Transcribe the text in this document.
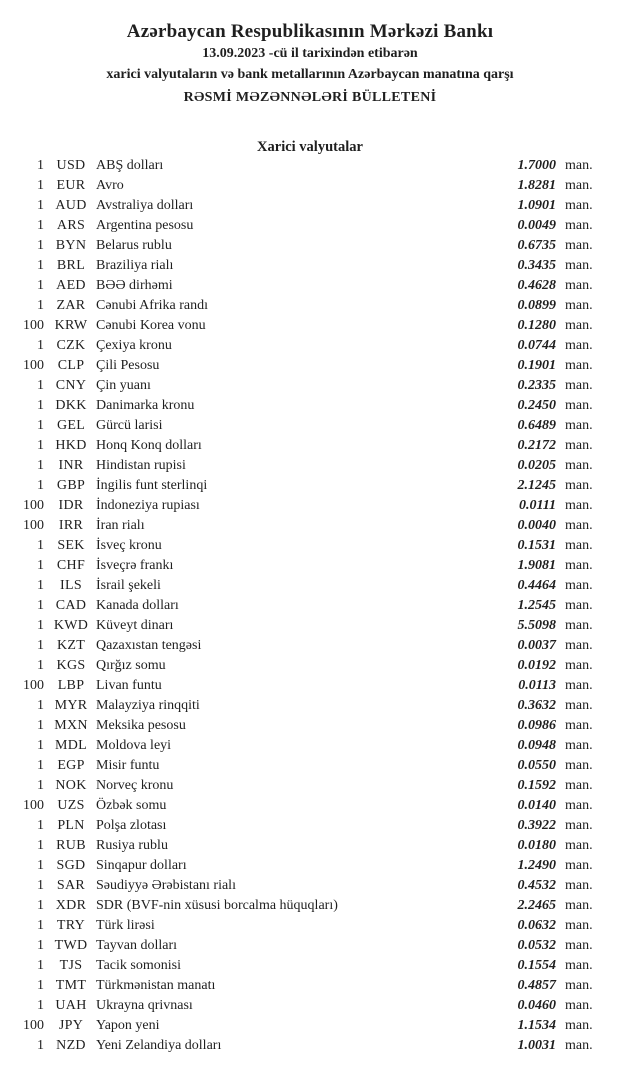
Azərbaycan Respublikasının Mərkəzi Bankı
13.09.2023 -cü il tarixindən etibarən
xarici valyutaların və bank metallarının Azərbaycan manatına qarşı
RƏSMİ MƏZƏNNƏLƏRİ BÜLLETENİ
Xarici valyutalar
1 USD ABŞ dolları	1.7000 man.
1 EUR Avro	1.8281 man.
1 AUD Avstraliya dolları	1.0901 man.
1 ARS Argentina pesosu	0.0049 man.
1 BYN Belarus rublu	0.6735 man.
1 BRL Braziliya rialı	0.3435 man.
1 AED BƏƏ dirhəmi	0.4628 man.
1 ZAR Cənubi Afrika randı	0.0899 man.
100 KRW Cənubi Korea vonu	0.1280 man.
1 CZK Çexiya kronu	0.0744 man.
100 CLP Çili Pesosu	0.1901 man.
1 CNY Çin yuanı	0.2335 man.
1 DKK Danimarka kronu	0.2450 man.
1 GEL Gürcü larisi	0.6489 man.
1 HKD Honq Konq dolları	0.2172 man.
1	INR Hindistan rupisi	0.0205 man.
1 GBP İngilis funt sterlinqi	2.1245 man.
100	IDR İndoneziya rupiası	0.0111 man.
100	IRR İran rialı	0.0040 man.
1 SEK İsveç kronu	0.1531 man.
1 CHF İsveçrə frankı	1.9081 man.
1	ILS	İsrail şekeli	0.4464 man.
1 CAD Kanada dolları	1.2545 man.
1 KWD Küveyt dinarı	5.5098 man.
1 KZT Qazaxıstan tengəsi	0.0037 man.
1 KGS Qırğız somu	0.0192 man.
100 LBP Livan funtu	0.0113 man.
1 MYR Malayziya rinqqiti	0.3632 man.
1 MXN Meksika pesosu	0.0986 man.
1 MDL Moldova leyi	0.0948 man.
1 EGP Misir funtu	0.0550 man.
1 NOK Norveç kronu	0.1592 man.
100 UZS Özbək somu	0.0140 man.
1 PLN Polşa zlotası	0.3922 man.
1 RUB Rusiya rublu	0.0180 man.
1 SGD Sinqapur dolları	1.2490 man.
1 SAR Səudiyyə Ərəbistanı rialı	0.4532 man.
1 XDR SDR (BVF-nin xüsusi borcalma hüquqları)	2.2465 man.
1 TRY Türk lirəsi	0.0632 man.
1 TWD Tayvan dolları	0.0532 man.
1	TJS Tacik somonisi	0.1554 man.
1 TMT Türkmənistan manatı	0.4857 man.
1 UAH Ukrayna qrivnası	0.0460 man.
100	JPY Yapon yeni	1.1534 man.
1 NZD Yeni Zelandiya dolları	1.0031 man.
